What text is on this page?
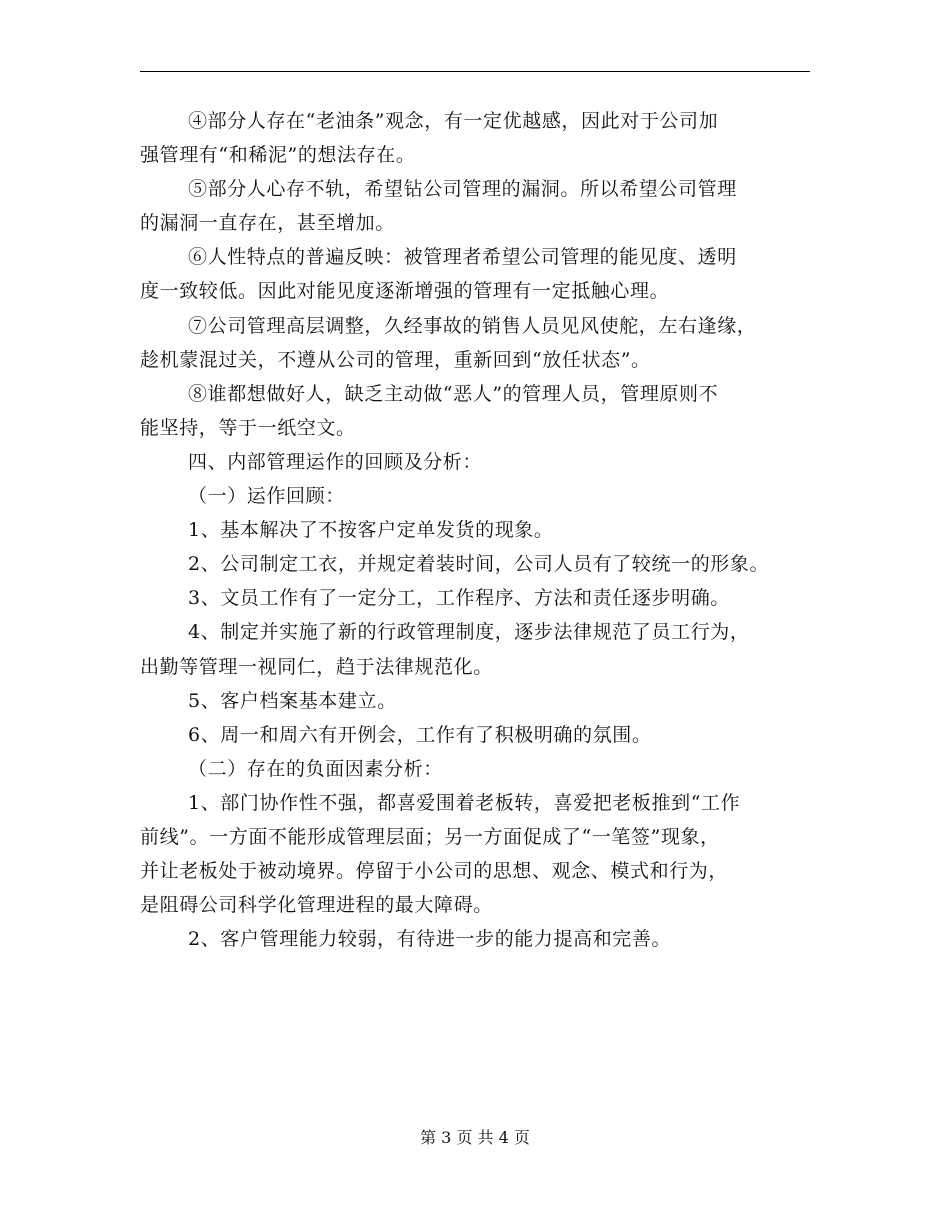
④部分人存在“老油条”观念，有一定优越感，因此对于公司加
强管理有“和稀泥”的想法存在。
⑤部分人心存不轨，希望钻公司管理的漏洞。所以希望公司管理
的漏洞一直存在，甚至增加。
⑥人性特点的普遍反映：被管理者希望公司管理的能见度、透明
度一致较低。因此对能见度逐渐增强的管理有一定抵触心理。
⑦公司管理高层调整，久经事故的销售人员见风使舵，左右逢缘，
趁机蒙混过关，不遵从公司的管理，重新回到“放任状态”。
⑧谁都想做好人，缺乏主动做“恶人”的管理人员，管理原则不
能坚持，等于一纸空文。
四、内部管理运作的回顾及分析：
（一）运作回顾：
1、基本解决了不按客户定单发货的现象。
2、公司制定工衣，并规定着装时间，公司人员有了较统一的形象。
3、文员工作有了一定分工，工作程序、方法和责任逐步明确。
4、制定并实施了新的行政管理制度，逐步法律规范了员工行为，
出勤等管理一视同仁，趋于法律规范化。
5、客户档案基本建立。
6、周一和周六有开例会，工作有了积极明确的氛围。
（二）存在的负面因素分析：
1、部门协作性不强，都喜爱围着老板转，喜爱把老板推到“工作
前线”。一方面不能形成管理层面；另一方面促成了“一笔签”现象，
并让老板处于被动境界。停留于小公司的思想、观念、模式和行为，
是阻碍公司科学化管理进程的最大障碍。
2、客户管理能力较弱，有待进一步的能力提高和完善。
第 3 页 共 4 页
